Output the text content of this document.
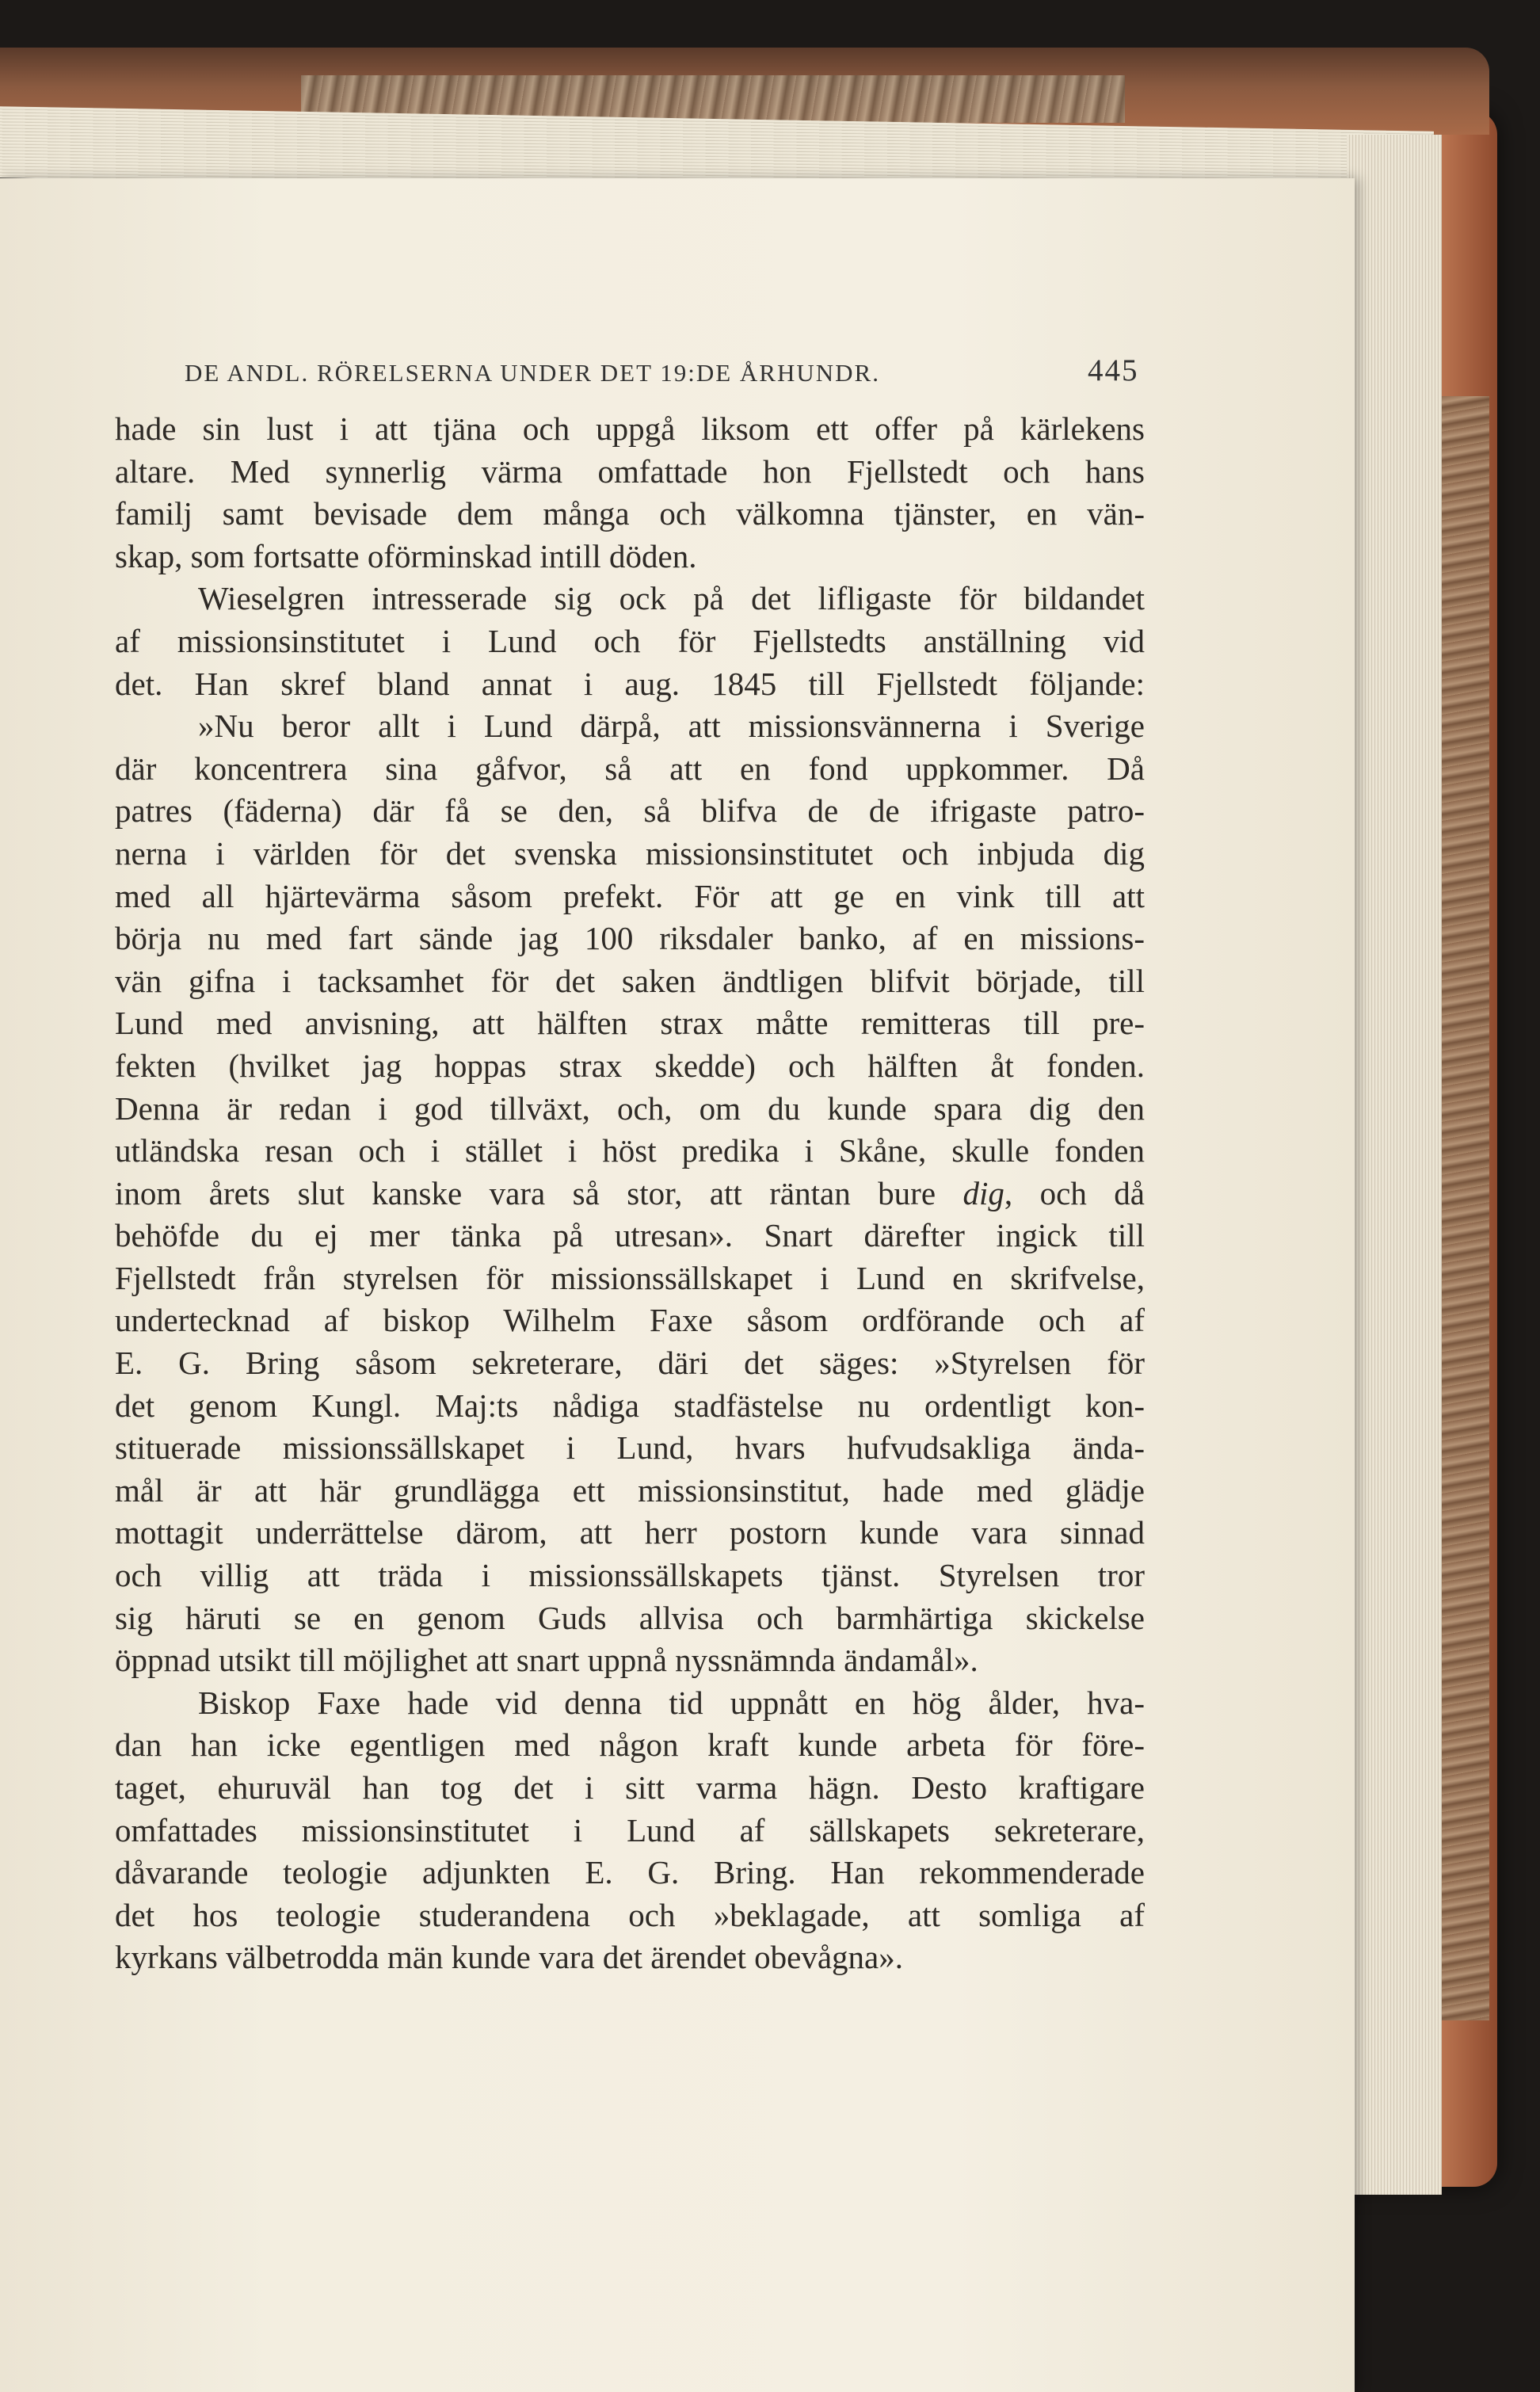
DE ANDL. RÖRELSERNA UNDER DET 19:DE ÅRHUNDR.	445
hade sin lust i att tjäna och uppgå liksom ett offer på kärlekens
altare. Med synnerlig värma omfattade hon Fjellstedt och hans
familj samt bevisade dem många och välkomna tjänster, en vän-
skap, som fortsatte oförminskad intill döden.
Wieselgren intresserade sig ock på det lifligaste för bildandet
af missionsinstitutet i Lund och för Fjellstedts anställning vid
det. Han skref bland annat i aug. 1845 till Fjellstedt följande:
»Nu beror allt i Lund därpå, att missionsvännerna i Sverige
där koncentrera sina gåfvor, så att en fond uppkommer. Då
patres (fäderna) där få se den, så blifva de de ifrigaste patro-
nerna i världen för det svenska missionsinstitutet och inbjuda dig
med all hjärtevärma såsom prefekt. För att ge en vink till att
börja nu med fart sände jag 100 riksdaler banko, af en missions-
vän gifna i tacksamhet för det saken ändtligen blifvit började, till
Lund med anvisning, att hälften strax måtte remitteras till pre-
fekten (hvilket jag hoppas strax skedde) och hälften åt fonden.
Denna är redan i god tillväxt, och, om du kunde spara dig den
utländska resan och i stället i höst predika i Skåne, skulle fonden
inom årets slut kanske vara så stor, att räntan bure dig, och då
behöfde du ej mer tänka på utresan». Snart därefter ingick till
Fjellstedt från styrelsen för missionssällskapet i Lund en skrifvelse,
undertecknad af biskop Wilhelm Faxe såsom ordförande och af
E. G. Bring såsom sekreterare, däri det säges: »Styrelsen för
det genom Kungl. Maj:ts nådiga stadfästelse nu ordentligt kon-
stituerade missionssällskapet i Lund, hvars hufvudsakliga ända-
mål är att här grundlägga ett missionsinstitut, hade med glädje
mottagit underrättelse därom, att herr postorn kunde vara sinnad
och villig att träda i missionssällskapets tjänst. Styrelsen tror
sig häruti se en genom Guds allvisa och barmhärtiga skickelse
öppnad utsikt till möjlighet att snart uppnå nyssnämnda ändamål».
Biskop Faxe hade vid denna tid uppnått en hög ålder, hva-
dan han icke egentligen med någon kraft kunde arbeta för före-
taget, ehuruväl han tog det i sitt varma hägn. Desto kraftigare
omfattades missionsinstitutet i Lund af sällskapets sekreterare,
dåvarande teologie adjunkten E. G. Bring. Han rekommenderade
det hos teologie studerandena och »beklagade, att somliga af
kyrkans välbetrodda män kunde vara det ärendet obevågna».
